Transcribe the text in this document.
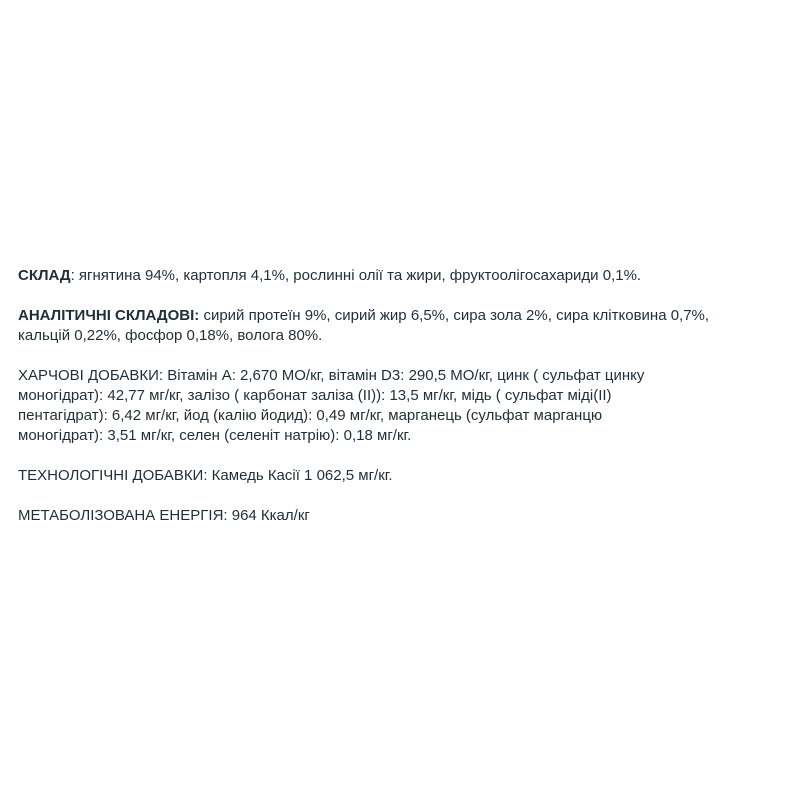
СКЛАД: ягнятина 94%, картопля 4,1%, рослинні олії та жири, фруктоолігосахариди 0,1%.

АНАЛІТИЧНІ СКЛАДОВІ: сирий протеїн 9%, сирий жир 6,5%, сира зола 2%, сира клітковина 0,7%,
кальцій 0,22%, фосфор 0,18%, волога 80%.

ХАРЧОВІ ДОБАВКИ: Вітамін А: 2,670 МО/кг, вітамін D3: 290,5 МО/кг, цинк ( сульфат цинку
моногідрат): 42,77 мг/кг, залізо ( карбонат заліза (II)): 13,5 мг/кг, мідь ( сульфат міді(II)
пентагідрат): 6,42 мг/кг, йод (калію йодид): 0,49 мг/кг, марганець (сульфат марганцю
моногідрат): 3,51 мг/кг, селен (селеніт натрію): 0,18 мг/кг.

ТЕХНОЛОГІЧНІ ДОБАВКИ: Камедь Касії 1 062,5 мг/кг.

МЕТАБОЛІЗОВАНА ЕНЕРГІЯ: 964 Ккал/кг
